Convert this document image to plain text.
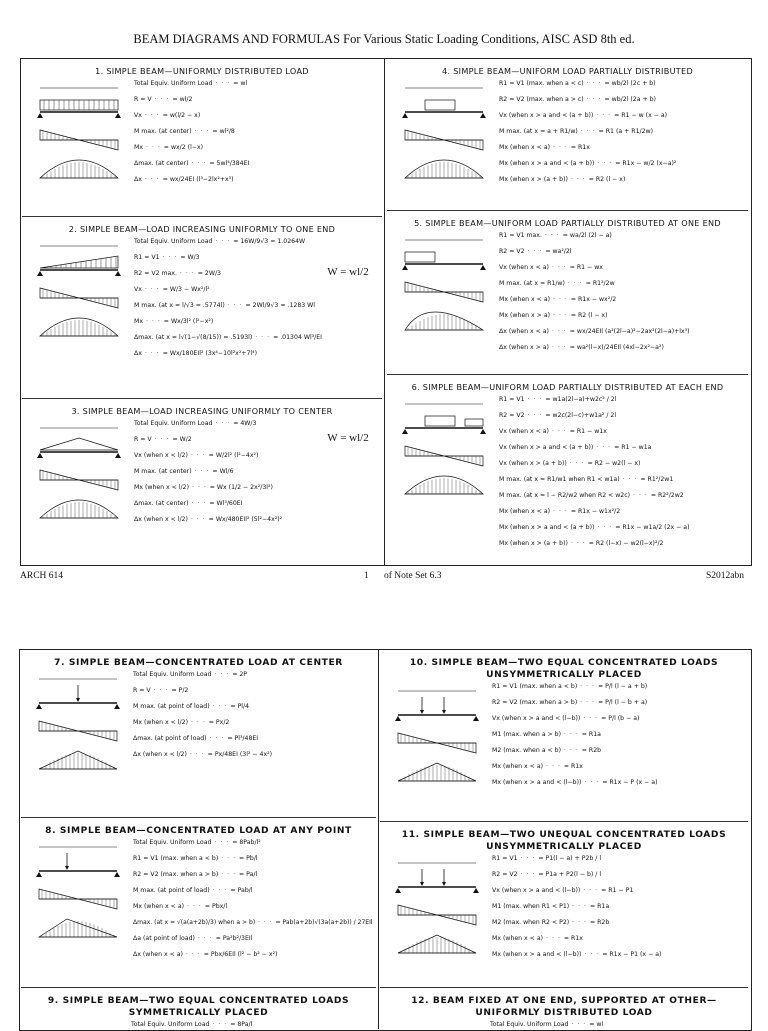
BEAM DIAGRAMS AND FORMULAS For Various Static Loading Conditions, AISC ASD 8th ed.
ARCH 614	1 of Note Set 6.3	S2012abn
W = wl/2
W = wl/2
1. SIMPLE BEAM—UNIFORMLY DISTRIBUTED LOAD
Total Equiv. Uniform Load · · · = wl
R = V · · · = wl/2
Vx · · · = w(l/2 − x)
M max. (at center) · · · = wl²/8
Mx · · · = wx/2 (l−x)
Δmax. (at center) · · · = 5wl⁴/384EI
Δx · · · = wx/24EI (l³−2lx²+x³)
2. SIMPLE BEAM—LOAD INCREASING UNIFORMLY TO ONE END
Total Equiv. Uniform Load · · · = 16W/9√3 = 1.0264W
R1 = V1 · · · = W/3
R2 = V2 max. · · · = 2W/3
Vx · · · = W/3 − Wx²/l²
M max. (at x = l/√3 = .5774l) · · · = 2Wl/9√3 = .1283 Wl
Mx · · · = Wx/3l² (l²−x²)
Δmax. (at x = l√(1−√(8/15)) = .5193l) · · · = .01304 Wl³/EI
Δx · · · = Wx/180EIl² (3x⁴−10l²x²+7l⁴)
3. SIMPLE BEAM—LOAD INCREASING UNIFORMLY TO CENTER
Total Equiv. Uniform Load · · · = 4W/3
R = V · · · = W/2
Vx (when x < l/2) · · · = W/2l² (l²−4x²)
M max. (at center) · · · = Wl/6
Mx (when x < l/2) · · · = Wx (1/2 − 2x²/3l²)
Δmax. (at center) · · · = Wl³/60EI
Δx (when x < l/2) · · · = Wx/480EIl² (5l²−4x²)²
4. SIMPLE BEAM—UNIFORM LOAD PARTIALLY DISTRIBUTED
R1 = V1 (max. when a < c) · · · = wb/2l (2c + b)
R2 = V2 (max. when a > c) · · · = wb/2l (2a + b)
Vx (when x > a and < (a + b)) · · · = R1 − w (x − a)
M max. (at x = a + R1/w) · · · = R1 (a + R1/2w)
Mx (when x < a) · · · = R1x
Mx (when x > a and < (a + b)) · · · = R1x − w/2 (x−a)²
Mx (when x > (a + b)) · · · = R2 (l − x)
5. SIMPLE BEAM—UNIFORM LOAD PARTIALLY DISTRIBUTED AT ONE END
R1 = V1 max. · · · = wa/2l (2l − a)
R2 = V2 · · · = wa²/2l
Vx (when x < a) · · · = R1 − wx
M max. (at x = R1/w) · · · = R1²/2w
Mx (when x < a) · · · = R1x − wx²/2
Mx (when x > a) · · · = R2 (l − x)
Δx (when x < a) · · · = wx/24EIl (a²(2l−a)²−2ax²(2l−a)+lx³)
Δx (when x > a) · · · = wa²(l−x)/24EIl (4xl−2x²−a²)
6. SIMPLE BEAM—UNIFORM LOAD PARTIALLY DISTRIBUTED AT EACH END
R1 = V1 · · · = w1a(2l−a)+w2c² / 2l
R2 = V2 · · · = w2c(2l−c)+w1a² / 2l
Vx (when x < a) · · · = R1 − w1x
Vx (when x > a and < (a + b)) · · · = R1 − w1a
Vx (when x > (a + b)) · · · = R2 − w2(l − x)
M max. (at x = R1/w1 when R1 < w1a) · · · = R1²/2w1
M max. (at x = l − R2/w2 when R2 < w2c) · · · = R2²/2w2
Mx (when x < a) · · · = R1x − w1x²/2
Mx (when x > a and < (a + b)) · · · = R1x − w1a/2 (2x − a)
Mx (when x > (a + b)) · · · = R2 (l−x) − w2(l−x)²/2
7. SIMPLE BEAM—CONCENTRATED LOAD AT CENTER
Total Equiv. Uniform Load · · · = 2P
R = V · · · = P/2
M max. (at point of load) · · · = Pl/4
Mx (when x < l/2) · · · = Px/2
Δmax. (at point of load) · · · = Pl³/48EI
Δx (when x < l/2) · · · = Px/48EI (3l² − 4x²)
8. SIMPLE BEAM—CONCENTRATED LOAD AT ANY POINT
Total Equiv. Uniform Load · · · = 8Pab/l²
R1 = V1 (max. when a < b) · · · = Pb/l
R2 = V2 (max. when a > b) · · · = Pa/l
M max. (at point of load) · · · = Pab/l
Mx (when x < a) · · · = Pbx/l
Δmax. (at x = √(a(a+2b)/3) when a > b) · · · = Pab(a+2b)√(3a(a+2b)) / 27EIl
Δa (at point of load) · · · = Pa²b²/3EIl
Δx (when x < a) · · · = Pbx/6EIl (l² − b² − x²)
9. SIMPLE BEAM—TWO EQUAL CONCENTRATED LOADS SYMMETRICALLY PLACED
Total Equiv. Uniform Load · · · = 8Pa/l
10. SIMPLE BEAM—TWO EQUAL CONCENTRATED LOADS UNSYMMETRICALLY PLACED
R1 = V1 (max. when a < b) · · · = P/l (l − a + b)
R2 = V2 (max. when a > b) · · · = P/l (l − b + a)
Vx (when x > a and < (l−b)) · · · = P/l (b − a)
M1 (max. when a > b) · · · = R1a
M2 (max. when a < b) · · · = R2b
Mx (when x < a) · · · = R1x
Mx (when x > a and < (l−b)) · · · = R1x − P (x − a)
11. SIMPLE BEAM—TWO UNEQUAL CONCENTRATED LOADS UNSYMMETRICALLY PLACED
R1 = V1 · · · = P1(l − a) + P2b / l
R2 = V2 · · · = P1a + P2(l − b) / l
Vx (when x > a and < (l−b)) · · · = R1 − P1
M1 (max. when R1 < P1) · · · = R1a
M2 (max. when R2 < P2) · · · = R2b
Mx (when x < a) · · · = R1x
Mx (when x > a and < (l−b)) · · · = R1x − P1 (x − a)
12. BEAM FIXED AT ONE END, SUPPORTED AT OTHER—UNIFORMLY DISTRIBUTED LOAD
Total Equiv. Uniform Load · · · = wl
